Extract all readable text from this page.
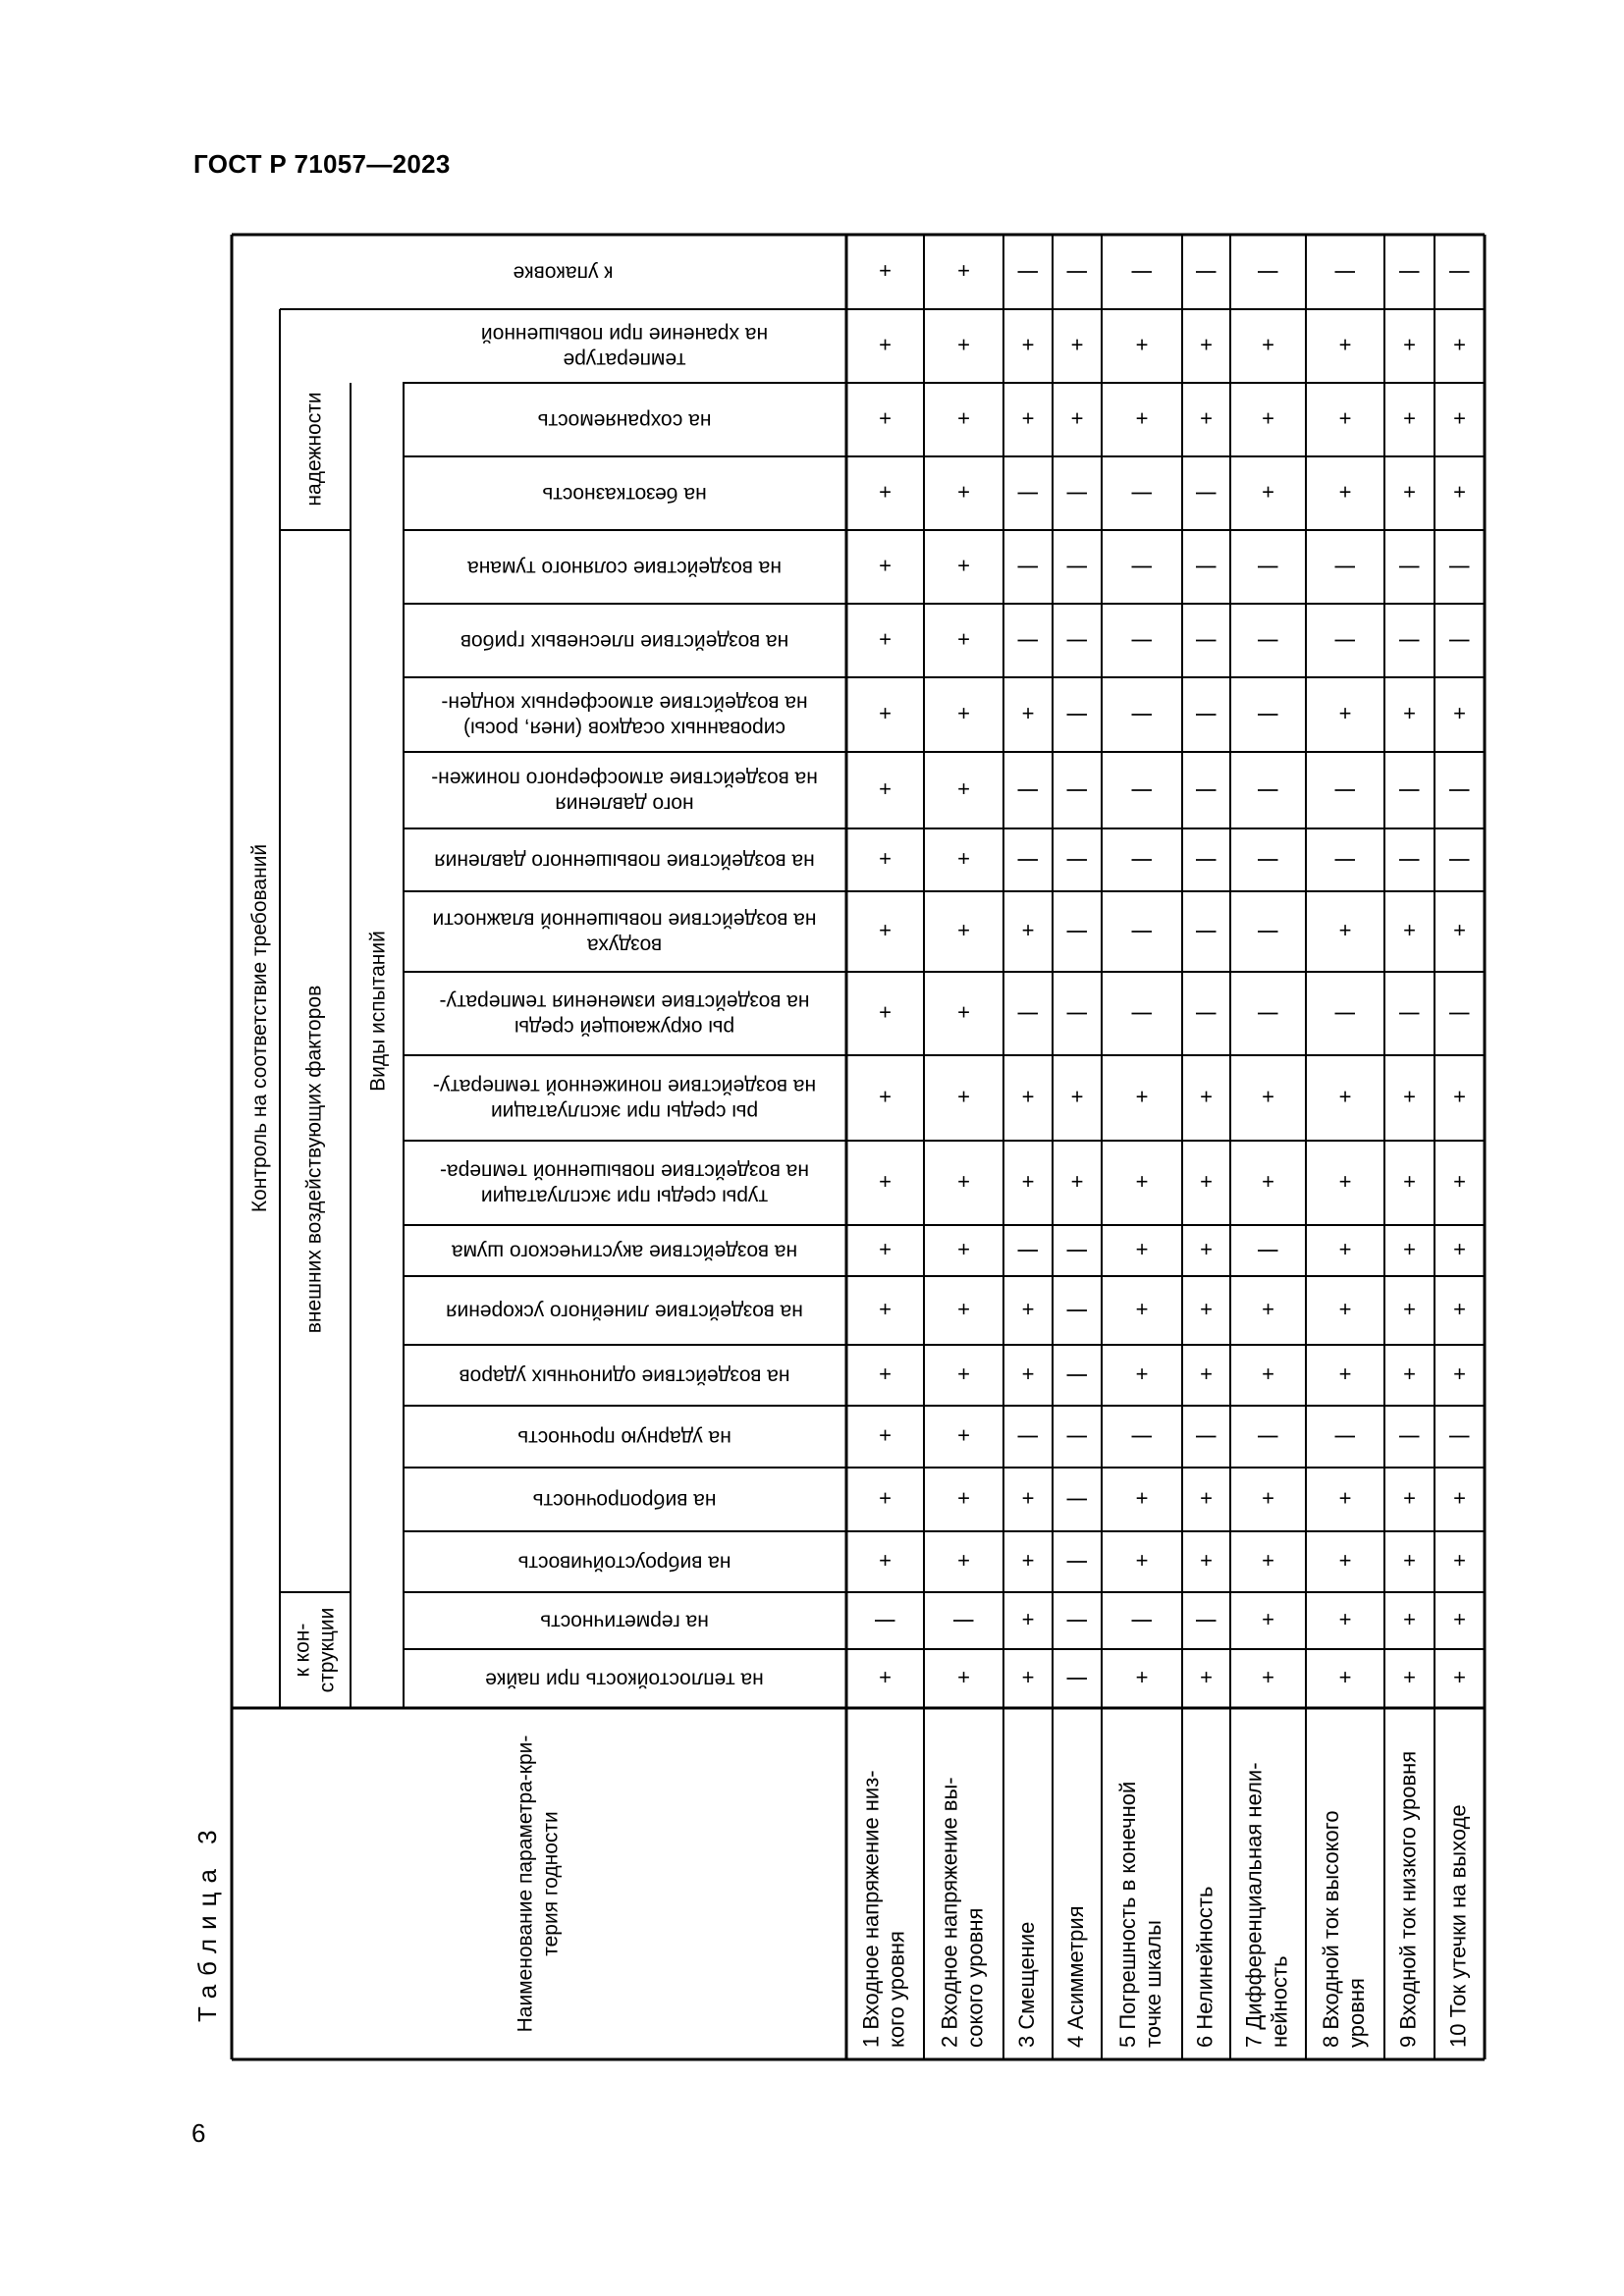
ГОСТ Р 71057—2023
Таблица 3
6
на теплостойкость при пайке
на герметичность
на виброустойчивость
на вибропрочность
на ударную прочность
на воздействие одиночных ударов
на воздействие линейного ускорения
на воздействие акустического шума
на воздействие повышенной темпера-
туры среды при эксплуатации
на воздействие пониженной температу-
ры среды при эксплуатации
на воздействие изменения температу-
ры окружающей среды
на воздействие повышенной влажности
воздуха
на воздействие повышенного давления
на воздействие атмосферного понижен-
ного давления
на воздействие атмосферных конден-
сированных осадков (инея, росы)
на воздействие плесневых грибов
на воздействие соляного тумана
на безотказность
на сохраняемость
на хранение при повышенной
температуре
к упаковке
Контроль на соответствие требований
надежности
внешних воздействующих факторов
к кон- струкции
Виды испытаний
Наименование параметра-кри- терия годности	1 Входное напряжение низ- кого уровня 2 Входное напряжение вы- сокого уровня 3 Смещение 4 Асимметрия 5 Погрешность в конечной точке шкалы 6 Нелинейность 7 Дифференциальная нели- нейность 8 Входной ток высокого уровня 9 Входной ток низкого уровня 10 Ток утечки на выходе
+
|
+
+
+
+
+
+
+
+
+
+
+
+
+
+
+
+
+
+
+
+
|
+
+
+
+
+
+
+
+
+
+
+
+
+
+
+
+
+
+
+
+
+
+
+
|
+
+
|
+
+
|
+
|
|
+
|
|
|
+
+
|
|
|
|
|
|
|
|
|
+
+
|
|
|
|
|
|
|
|
+
+
|
+
|
+
+
|
+
+
+
+
+
|
|
|
|
|
|
|
|
+
+
|
+
|
+
+
|
+
+
+
+
+
|
|
|
|
|
|
|
|
+
+
|
+
+
+
+
|
+
+
|
+
+
|
|
|
|
|
|
|
+
+
+
|
+
+
+
+
|
+
+
+
+
+
|
+
|
|
+
|
|
+
+
+
|
+
+
+
+
|
+
+
+
+
+
|
+
|
|
+
|
|
+
+
+
|
+
+
+
+
|
+
+
+
+
+
|
+
|
|
+
|
|
+
+
+
|
